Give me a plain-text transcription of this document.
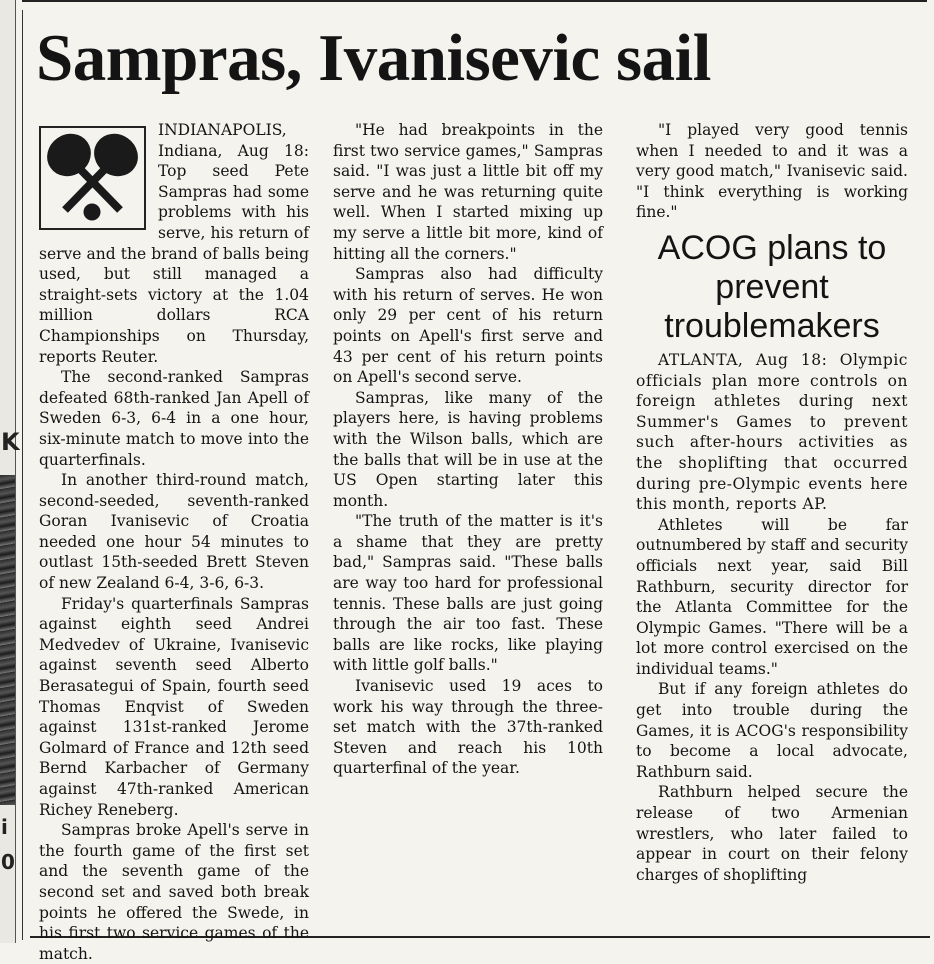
K
i
0
Sampras, Ivanisevic sail

INDIANAPOLIS, Indiana, Aug 18: Top seed Pete Sampras had some problems with his serve, his return of serve and the brand of balls being used, but still managed a straight-sets victory at the 1.04 million dollars RCA Championships on Thursday, reports Reuter.

The second-ranked Sampras defeated 68th-ranked Jan Apell of Sweden 6-3, 6-4 in a one hour, six-minute match to move into the quarterfinals.

In another third-round match, second-seeded, seventh-ranked Goran Ivanisevic of Croatia needed one hour 54 minutes to outlast 15th-seeded Brett Steven of new Zealand 6-4, 3-6, 6-3.

Friday's quarterfinals Sampras against eighth seed Andrei Medvedev of Ukraine, Ivanisevic against seventh seed Alberto Berasategui of Spain, fourth seed Thomas Enqvist of Sweden against 131st-ranked Jerome Golmard of France and 12th seed Bernd Karbacher of Germany against 47th-ranked American Richey Reneberg.

Sampras broke Apell's serve in the fourth game of the first set and the seventh game of the second set and saved both break points he offered the Swede, in his first two service games of the match.

"He had breakpoints in the first two service games," Sampras said. "I was just a little bit off my serve and he was returning quite well. When I started mixing up my serve a little bit more, kind of hitting all the corners."

Sampras also had difficulty with his return of serves. He won only 29 per cent of his return points on Apell's first serve and 43 per cent of his return points on Apell's second serve.

Sampras, like many of the players here, is having problems with the Wilson balls, which are the balls that will be in use at the US Open starting later this month.

"The truth of the matter is it's a shame that they are pretty bad," Sampras said. "These balls are way too hard for professional tennis. These balls are just going through the air too fast. These balls are like rocks, like playing with little golf balls."

Ivanisevic used 19 aces to work his way through the three-set match with the 37th-ranked Steven and reach his 10th quarterfinal of the year.

"I played very good tennis when I needed to and it was a very good match," Ivanisevic said. "I think everything is working fine."

ACOG plans to prevent troublemakers

ATLANTA, Aug 18: Olympic officials plan more controls on foreign athletes during next Summer's Games to prevent such after-hours activities as the shoplifting that occurred during pre-Olympic events here this month, reports AP.

Athletes will be far outnumbered by staff and security officials next year, said Bill Rathburn, security director for the Atlanta Committee for the Olympic Games. "There will be a lot more control exercised on the individual teams."

But if any foreign athletes do get into trouble during the Games, it is ACOG's responsibility to become a local advocate, Rathburn said.

Rathburn helped secure the release of two Armenian wrestlers, who later failed to appear in court on their felony charges of shoplifting
